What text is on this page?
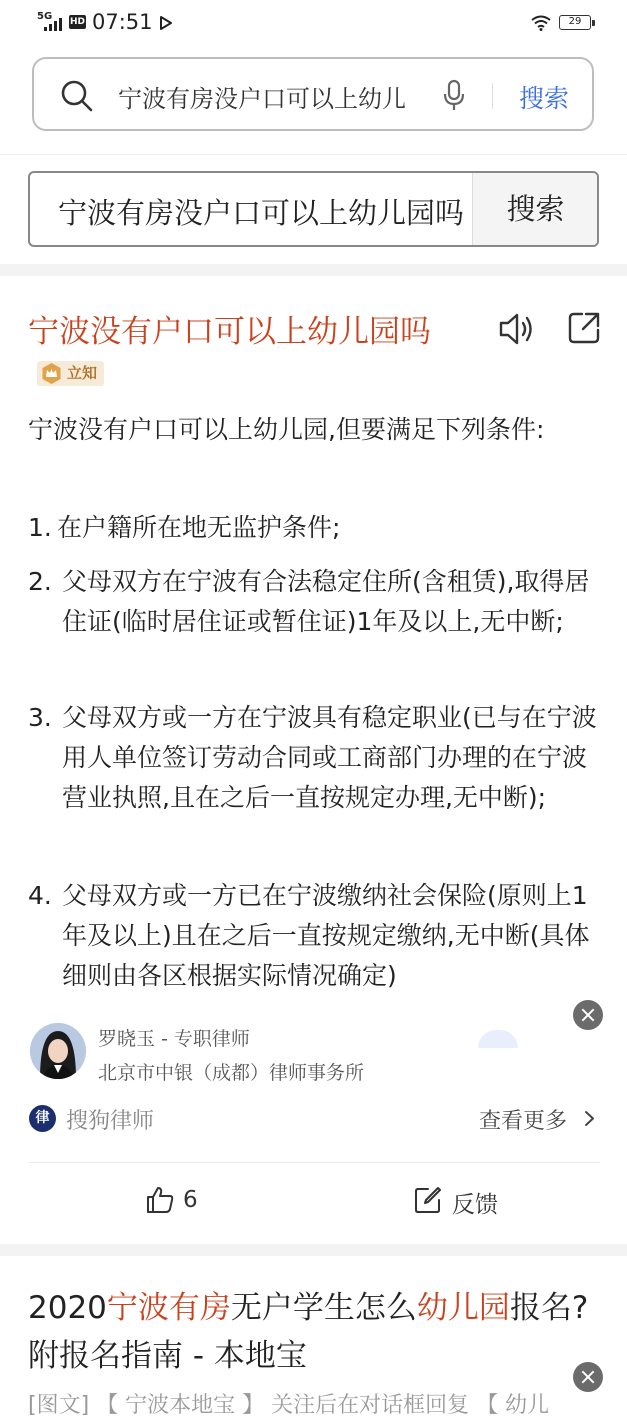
5G HD 07:51	29
宁波有房没户口可以上幼儿	搜索
宁波有房没户口可以上幼儿园吗	搜索
宁波没有户口可以上幼儿园吗
立知
宁波没有户口可以上幼儿园,但要满足下列条件:
1. 在户籍所在地无监护条件;
2. 父母双方在宁波有合法稳定住所(含租赁),取得居住证(临时居住证或暂住证)1年及以上,无中断;
3. 父母双方或一方在宁波具有稳定职业(已与在宁波用人单位签订劳动合同或工商部门办理的在宁波营业执照,且在之后一直按规定办理,无中断);
4. 父母双方或一方已在宁波缴纳社会保险(原则上1年及以上)且在之后一直按规定缴纳,无中断(具体细则由各区根据实际情况确定)
罗晓玉 - 专职律师
北京市中银（成都）律师事务所
律 搜狗律师	查看更多
6	反馈
2020宁波有房无户学生怎么幼儿园报名?附报名指南 - 本地宝
[图文] 【 宁波本地宝 】 关注后在对话框回复 【 幼儿
